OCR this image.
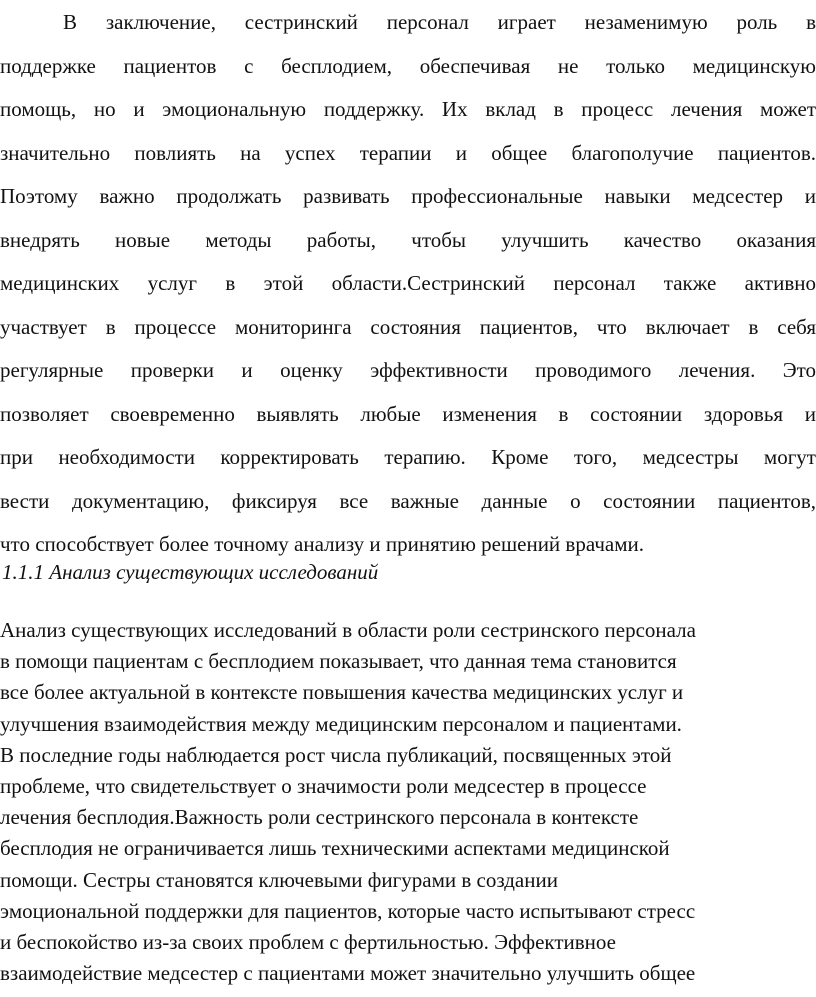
В заключение, сестринский персонал играет незаменимую роль в
поддержке пациентов с бесплодием, обеспечивая не только медицинскую
помощь, но и эмоциональную поддержку. Их вклад в процесс лечения может
значительно повлиять на успех терапии и общее благополучие пациентов.
Поэтому важно продолжать развивать профессиональные навыки медсестер и
внедрять новые методы работы, чтобы улучшить качество оказания
медицинских услуг в этой области.Сестринский персонал также активно
участвует в процессе мониторинга состояния пациентов, что включает в себя
регулярные проверки и оценку эффективности проводимого лечения. Это
позволяет своевременно выявлять любые изменения в состоянии здоровья и
при необходимости корректировать терапию. Кроме того, медсестры могут
вести документацию, фиксируя все важные данные о состоянии пациентов,
что способствует более точному анализу и принятию решений врачами.

1.1.1 Анализ существующих исследований

Анализ существующих исследований в области роли сестринского персонала
в помощи пациентам с бесплодием показывает, что данная тема становится
все более актуальной в контексте повышения качества медицинских услуг и
улучшения взаимодействия между медицинским персоналом и пациентами.
В последние годы наблюдается рост числа публикаций, посвященных этой
проблеме, что свидетельствует о значимости роли медсестер в процессе
лечения бесплодия.Важность роли сестринского персонала в контексте
бесплодия не ограничивается лишь техническими аспектами медицинской
помощи. Сестры становятся ключевыми фигурами в создании
эмоциональной поддержки для пациентов, которые часто испытывают стресс
и беспокойство из-за своих проблем с фертильностью. Эффективное
взаимодействие медсестер с пациентами может значительно улучшить общее
